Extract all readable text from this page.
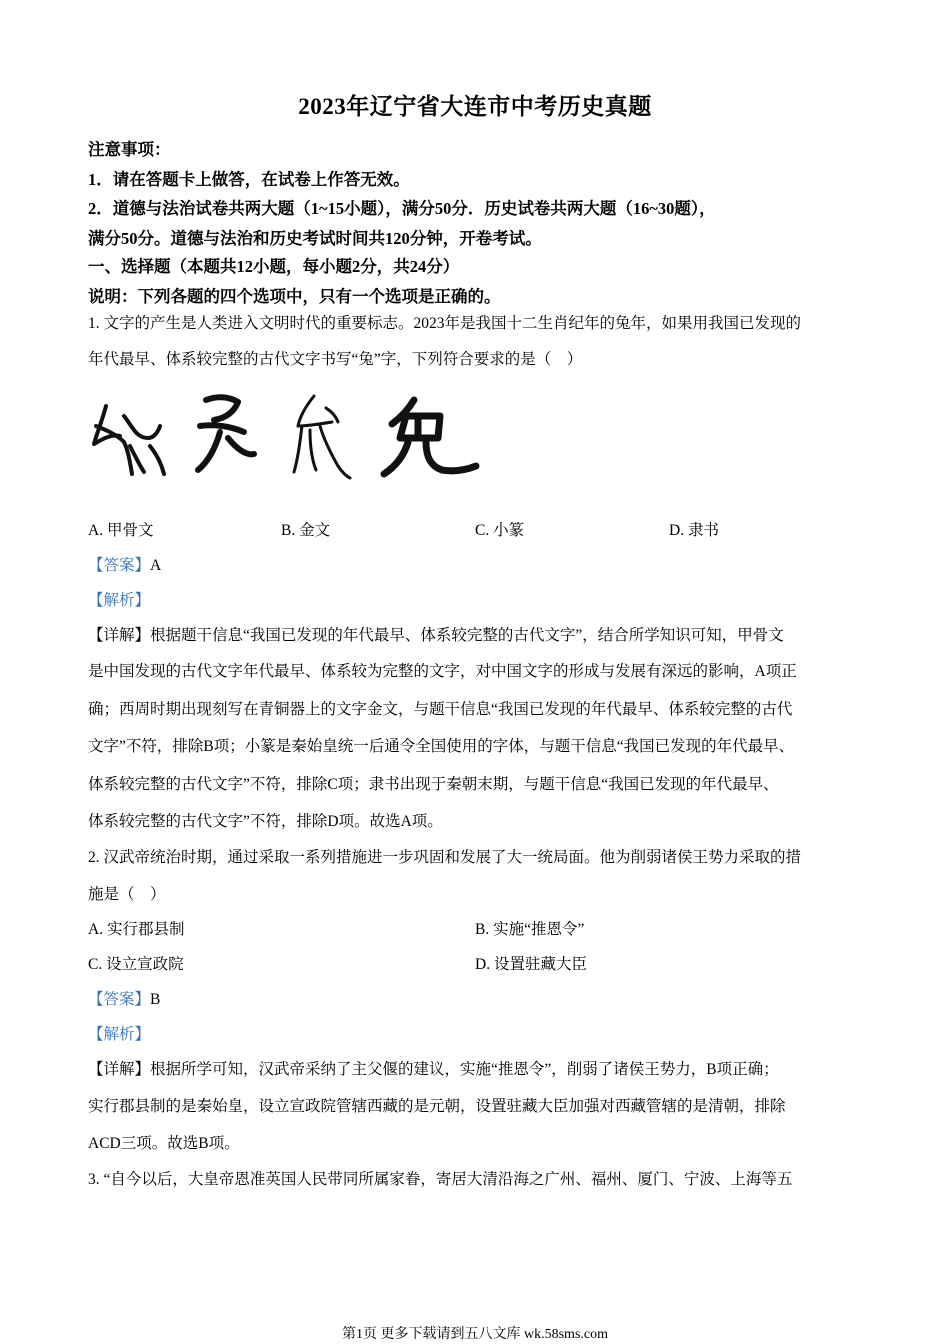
2023年辽宁省大连市中考历史真题
注意事项：
1．请在答题卡上做答，在试卷上作答无效。
2．道德与法治试卷共两大题（1~15小题），满分50分．历史试卷共两大题（16~30题），
满分50分。道德与法治和历史考试时间共120分钟，开卷考试。
一、选择题（本题共12小题，每小题2分，共24分）
说明：下列各题的四个选项中，只有一个选项是正确的。
1. 文字的产生是人类进入文明时代的重要标志。2023年是我国十二生肖纪年的兔年，如果用我国已发现的
年代最早、体系较完整的古代文字书写“兔”字，下列符合要求的是（　）
A. 甲骨文	B. 金文	C. 小篆	D. 隶书
【答案】A
【解析】
【详解】根据题干信息“我国已发现的年代最早、体系较完整的古代文字”，结合所学知识可知，甲骨文
是中国发现的古代文字年代最早、体系较为完整的文字，对中国文字的形成与发展有深远的影响，A项正
确；西周时期出现刻写在青铜器上的文字金文，与题干信息“我国已发现的年代最早、体系较完整的古代
文字”不符，排除B项；小篆是秦始皇统一后通令全国使用的字体，与题干信息“我国已发现的年代最早、
体系较完整的古代文字”不符，排除C项；隶书出现于秦朝末期，与题干信息“我国已发现的年代最早、
体系较完整的古代文字”不符，排除D项。故选A项。
2. 汉武帝统治时期，通过采取一系列措施进一步巩固和发展了大一统局面。他为削弱诸侯王势力采取的措
施是（　）
A. 实行郡县制	B. 实施“推恩令”
C. 设立宣政院	D. 设置驻藏大臣
【答案】B
【解析】
【详解】根据所学可知，汉武帝采纳了主父偃的建议，实施“推恩令”，削弱了诸侯王势力，B项正确；
实行郡县制的是秦始皇，设立宣政院管辖西藏的是元朝，设置驻藏大臣加强对西藏管辖的是清朝，排除
ACD三项。故选B项。
3. “自今以后，大皇帝恩准英国人民带同所属家眷，寄居大清沿海之广州、福州、厦门、宁波、上海等五
第1页 更多下载请到五八文库 wk.58sms.com
